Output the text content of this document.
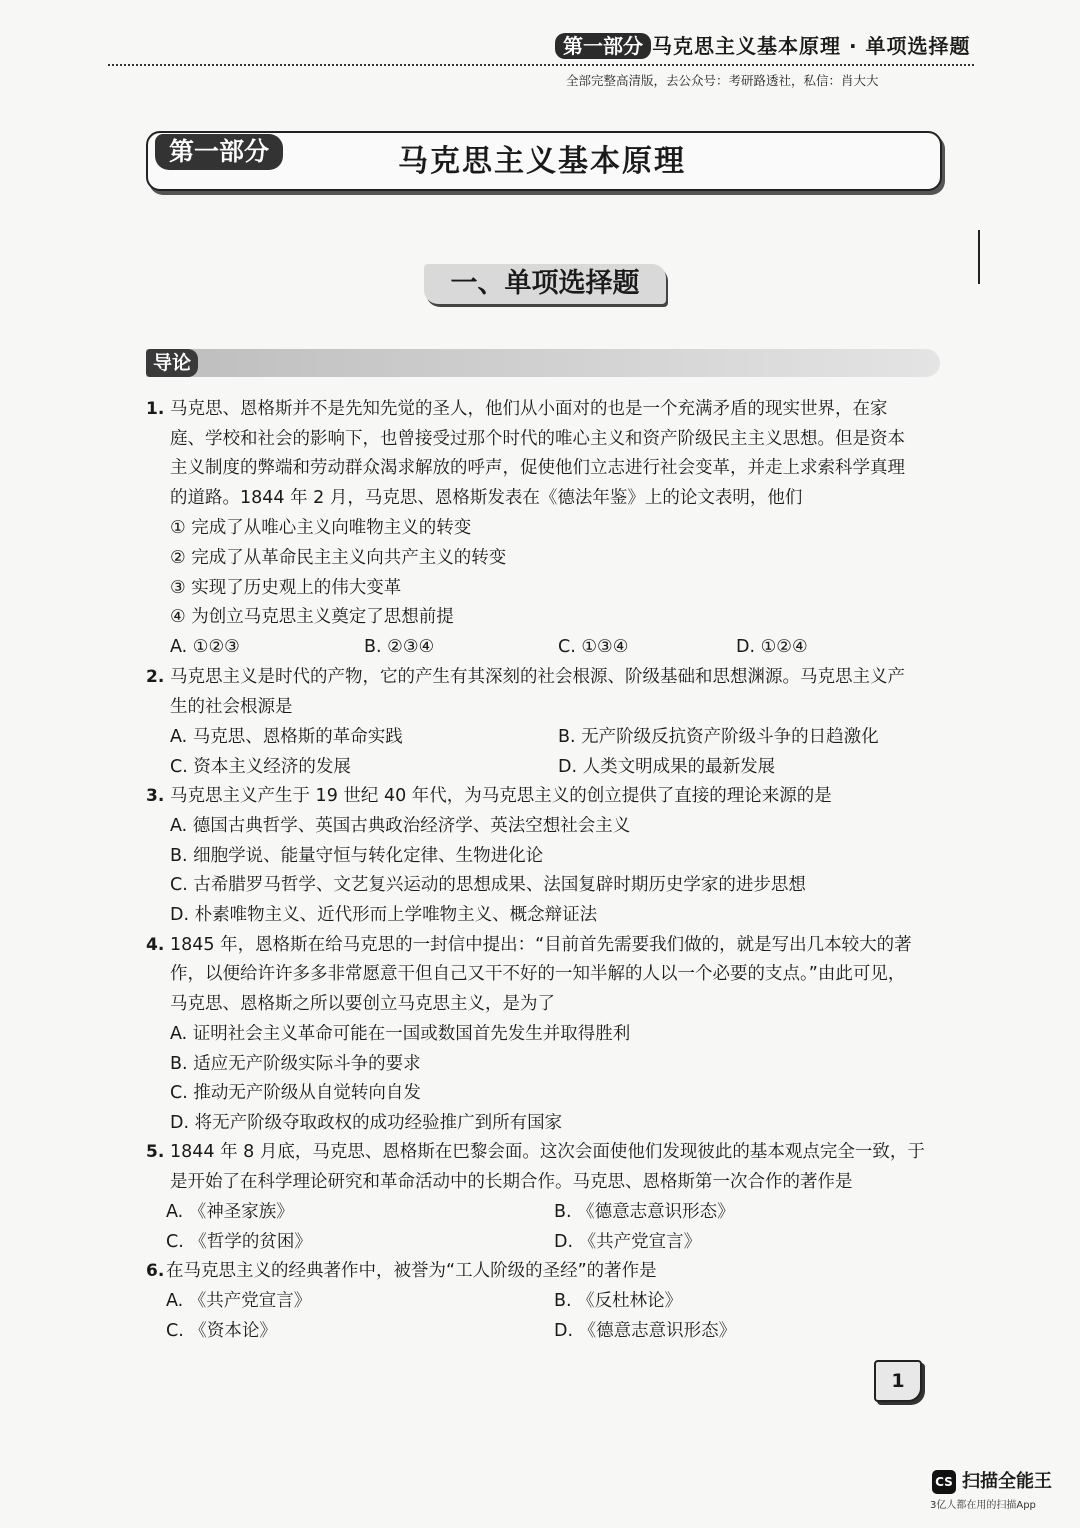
第一部分 马克思主义基本原理 · 单项选择题
全部完整高清版，去公众号：考研路透社，私信：肖大大
马克思主义基本原理
第一部分
一、单项选择题
导论
1. 马克思、恩格斯并不是先知先觉的圣人，他们从小面对的也是一个充满矛盾的现实世界，在家
庭、学校和社会的影响下，也曾接受过那个时代的唯心主义和资产阶级民主主义思想。但是资本
主义制度的弊端和劳动群众渴求解放的呼声，促使他们立志进行社会变革，并走上求索科学真理
的道路。1844 年 2 月，马克思、恩格斯发表在《德法年鉴》上的论文表明，他们
① 完成了从唯心主义向唯物主义的转变
② 完成了从革命民主主义向共产主义的转变
③ 实现了历史观上的伟大变革
④ 为创立马克思主义奠定了思想前提
A. ①②③	B. ②③④	C. ①③④	D. ①②④
2. 马克思主义是时代的产物，它的产生有其深刻的社会根源、阶级基础和思想渊源。马克思主义产
生的社会根源是
A. 马克思、恩格斯的革命实践	B. 无产阶级反抗资产阶级斗争的日趋激化
C. 资本主义经济的发展	D. 人类文明成果的最新发展
3. 马克思主义产生于 19 世纪 40 年代，为马克思主义的创立提供了直接的理论来源的是
A. 德国古典哲学、英国古典政治经济学、英法空想社会主义
B. 细胞学说、能量守恒与转化定律、生物进化论
C. 古希腊罗马哲学、文艺复兴运动的思想成果、法国复辟时期历史学家的进步思想
D. 朴素唯物主义、近代形而上学唯物主义、概念辩证法
4. 1845 年，恩格斯在给马克思的一封信中提出：“目前首先需要我们做的，就是写出几本较大的著
作，以便给许许多多非常愿意干但自己又干不好的一知半解的人以一个必要的支点。”由此可见，
马克思、恩格斯之所以要创立马克思主义，是为了
A. 证明社会主义革命可能在一国或数国首先发生并取得胜利
B. 适应无产阶级实际斗争的要求
C. 推动无产阶级从自觉转向自发
D. 将无产阶级夺取政权的成功经验推广到所有国家
5. 1844 年 8 月底，马克思、恩格斯在巴黎会面。这次会面使他们发现彼此的基本观点完全一致，于
是开始了在科学理论研究和革命活动中的长期合作。马克思、恩格斯第一次合作的著作是
A. 《神圣家族》	B. 《德意志意识形态》
C. 《哲学的贫困》	D. 《共产党宣言》
6. 在马克思主义的经典著作中，被誉为“工人阶级的圣经”的著作是
A. 《共产党宣言》	B. 《反杜林论》
C. 《资本论》	D. 《德意志意识形态》
1
CS 扫描全能王
3亿人都在用的扫描App
